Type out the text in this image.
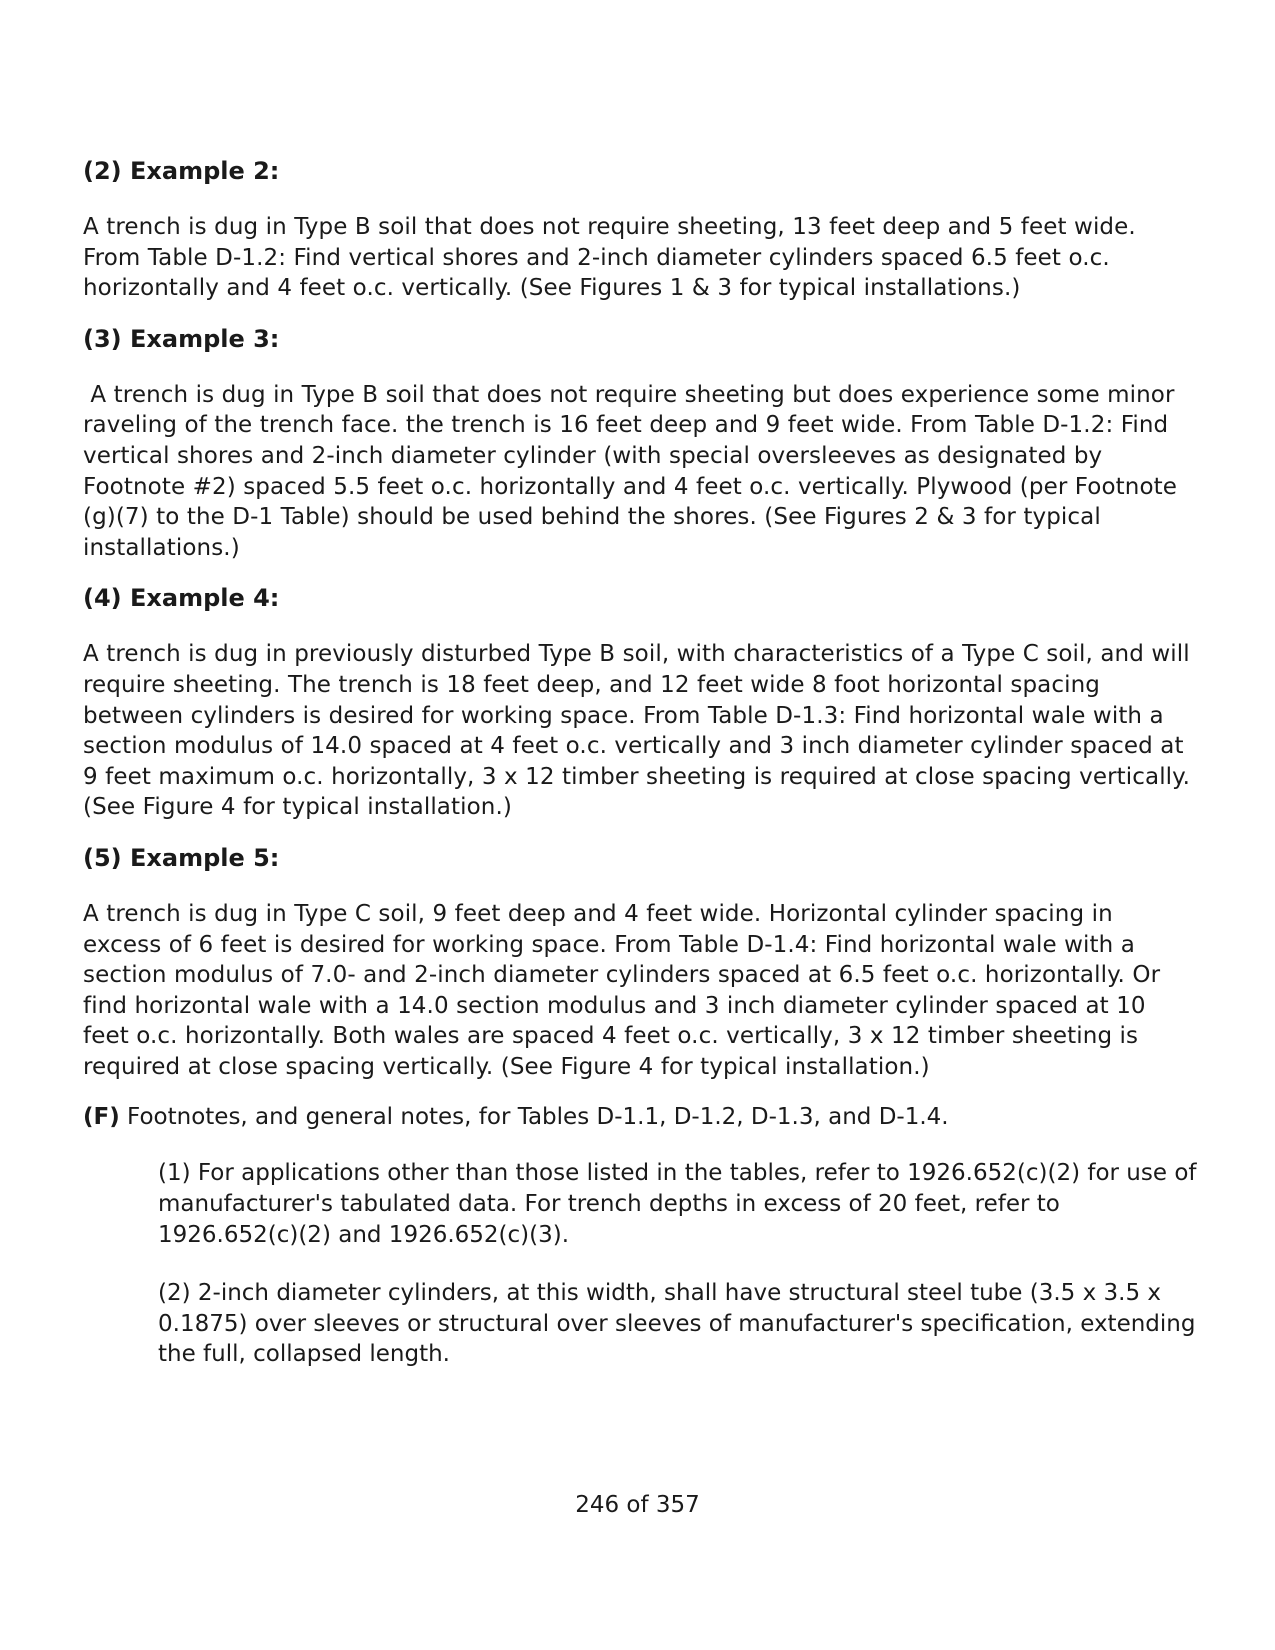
(2) Example 2:
A trench is dug in Type B soil that does not require sheeting, 13 feet deep and 5 feet wide. From Table D-1.2: Find vertical shores and 2-inch diameter cylinders spaced 6.5 feet o.c. horizontally and 4 feet o.c. vertically. (See Figures 1 & 3 for typical installations.)
(3) Example 3:
A trench is dug in Type B soil that does not require sheeting but does experience some minor raveling of the trench face. the trench is 16 feet deep and 9 feet wide. From Table D-1.2: Find vertical shores and 2-inch diameter cylinder (with special oversleeves as designated by Footnote #2) spaced 5.5 feet o.c. horizontally and 4 feet o.c. vertically. Plywood (per Footnote (g)(7) to the D-1 Table) should be used behind the shores. (See Figures 2 & 3 for typical installations.)
(4) Example 4:
A trench is dug in previously disturbed Type B soil, with characteristics of a Type C soil, and will require sheeting. The trench is 18 feet deep, and 12 feet wide 8 foot horizontal spacing between cylinders is desired for working space. From Table D-1.3: Find horizontal wale with a section modulus of 14.0 spaced at 4 feet o.c. vertically and 3 inch diameter cylinder spaced at 9 feet maximum o.c. horizontally, 3 x 12 timber sheeting is required at close spacing vertically. (See Figure 4 for typical installation.)
(5) Example 5:
A trench is dug in Type C soil, 9 feet deep and 4 feet wide. Horizontal cylinder spacing in excess of 6 feet is desired for working space. From Table D-1.4: Find horizontal wale with a section modulus of 7.0- and 2-inch diameter cylinders spaced at 6.5 feet o.c. horizontally. Or find horizontal wale with a 14.0 section modulus and 3 inch diameter cylinder spaced at 10 feet o.c. horizontally. Both wales are spaced 4 feet o.c. vertically, 3 x 12 timber sheeting is required at close spacing vertically. (See Figure 4 for typical installation.)
(F) Footnotes, and general notes, for Tables D-1.1, D-1.2, D-1.3, and D-1.4.
(1) For applications other than those listed in the tables, refer to 1926.652(c)(2) for use of manufacturer's tabulated data. For trench depths in excess of 20 feet, refer to 1926.652(c)(2) and 1926.652(c)(3).
(2) 2-inch diameter cylinders, at this width, shall have structural steel tube (3.5 x 3.5 x 0.1875) over sleeves or structural over sleeves of manufacturer's specification, extending the full, collapsed length.
246 of 357
